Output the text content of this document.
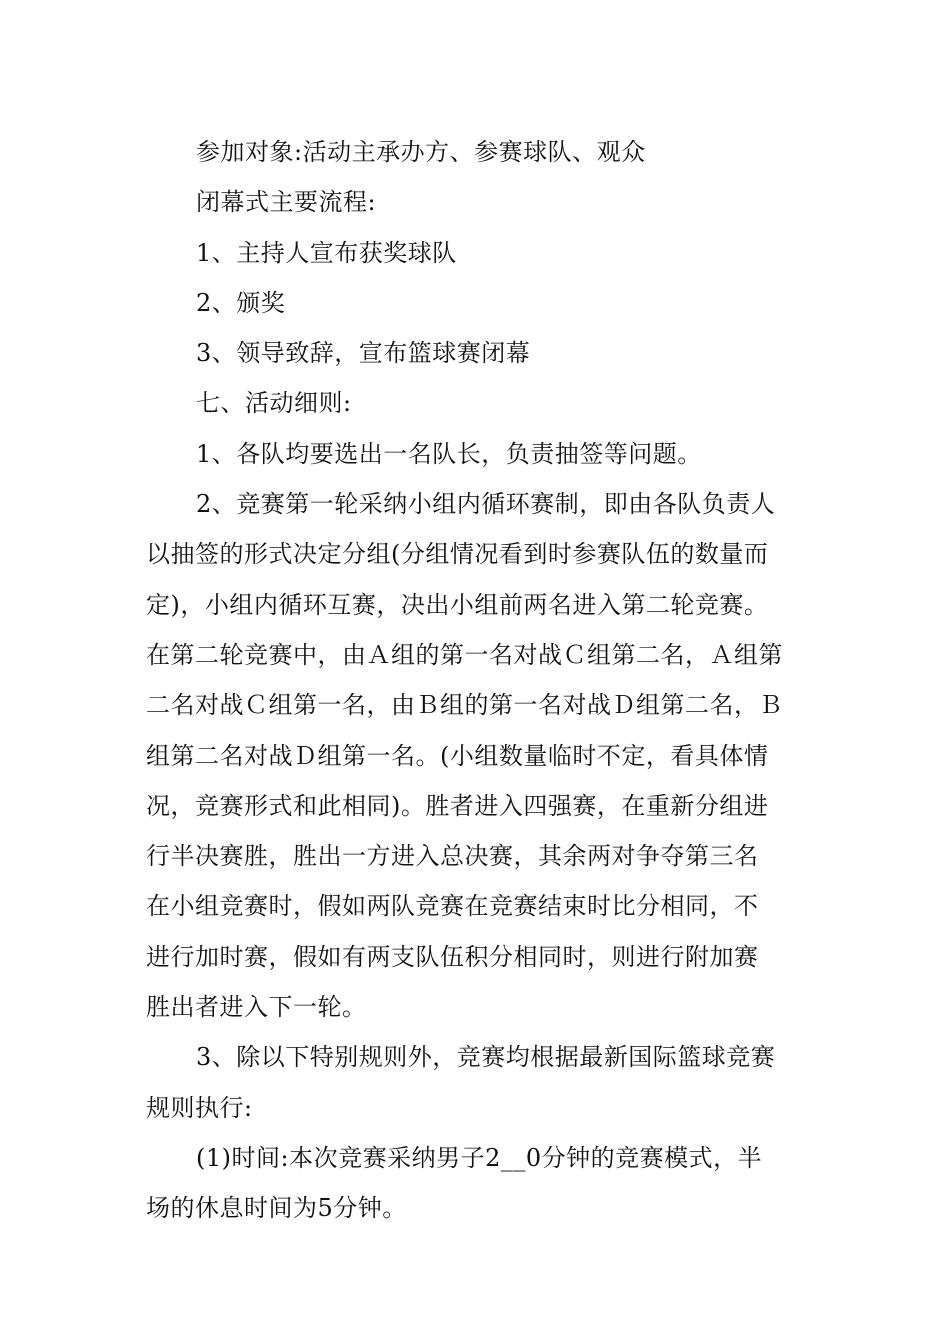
参加对象:活动主承办方、参赛球队、观众
闭幕式主要流程:
1、主持人宣布获奖球队
2、颁奖
3、领导致辞，宣布篮球赛闭幕
七、活动细则:
1、各队均要选出一名队长，负责抽签等问题。
2、竞赛第一轮采纳小组内循环赛制，即由各队负责人
以抽签的形式决定分组(分组情况看到时参赛队伍的数量而
定)，小组内循环互赛，决出小组前两名进入第二轮竞赛。
在第二轮竞赛中，由Ａ组的第一名对战Ｃ组第二名，Ａ组第
二名对战Ｃ组第一名，由Ｂ组的第一名对战Ｄ组第二名，Ｂ
组第二名对战Ｄ组第一名。(小组数量临时不定，看具体情
况，竞赛形式和此相同)。胜者进入四强赛，在重新分组进
行半决赛胜，胜出一方进入总决赛，其余两对争夺第三名
在小组竞赛时，假如两队竞赛在竞赛结束时比分相同，不
进行加时赛，假如有两支队伍积分相同时，则进行附加赛
胜出者进入下一轮。
3、除以下特别规则外，竞赛均根据最新国际篮球竞赛
规则执行:
(1)时间:本次竞赛采纳男子2__0分钟的竞赛模式，半
场的休息时间为5分钟。
